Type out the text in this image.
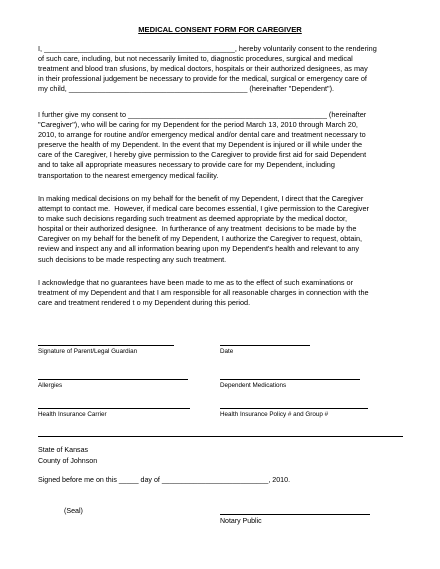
MEDICAL CONSENT FORM FOR CAREGIVER

I, _______________________________________________, hereby voluntarily consent to the rendering
of such care, including, but not necessarily limited to, diagnostic procedures, surgical and medical
treatment and blood tran sfusions, by medical doctors, hospitals or their authorized designees, as may
in their professional judgement be necessary to provide for the medical, surgical or emergency care of
my child, ____________________________________________ (hereinafter "Dependent").

I further give my consent to _________________________________________________ (hereinafter
"Caregiver"), who will be caring for my Dependent for the period March 13, 2010 through March 20,
2010, to arrange for routine and/or emergency medical and/or dental care and treatment necessary to
preserve the health of my Dependent. In the event that my Dependent is injured or ill while under the
care of the Caregiver, I hereby give permission to the Caregiver to provide first aid for said Dependent
and to take all appropriate measures necessary to provide care for my Dependent, including
transportation to the nearest emergency medical facility.

In making medical decisions on my behalf for the benefit of my Dependent, I direct that the Caregiver
attempt to contact me.  However, if medical care becomes essential, I give permission to the Caregiver
to make such decisions regarding such treatment as deemed appropriate by the medical doctor,
hospital or their authorized designee.  In furtherance of any treatment  decisions to be made by the
Caregiver on my behalf for the benefit of my Dependent, I authorize the Caregiver to request, obtain,
review and inspect any and all information bearing upon my Dependent's health and relevant to any
such decisions to be made respecting any such treatment.

I acknowledge that no guarantees have been made to me as to the effect of such examinations or
treatment of my Dependent and that I am responsible for all reasonable charges in connection with the
care and treatment rendered t o my Dependent during this period.

Signature of Parent/Legal Guardian	Date
Allergies	Dependent Medications
Health Insurance Carrier	Health Insurance Policy # and Group #
State of Kansas
County of Johnson
Signed before me on this _____ day of ___________________________, 2010.
(Seal)
Notary Public
